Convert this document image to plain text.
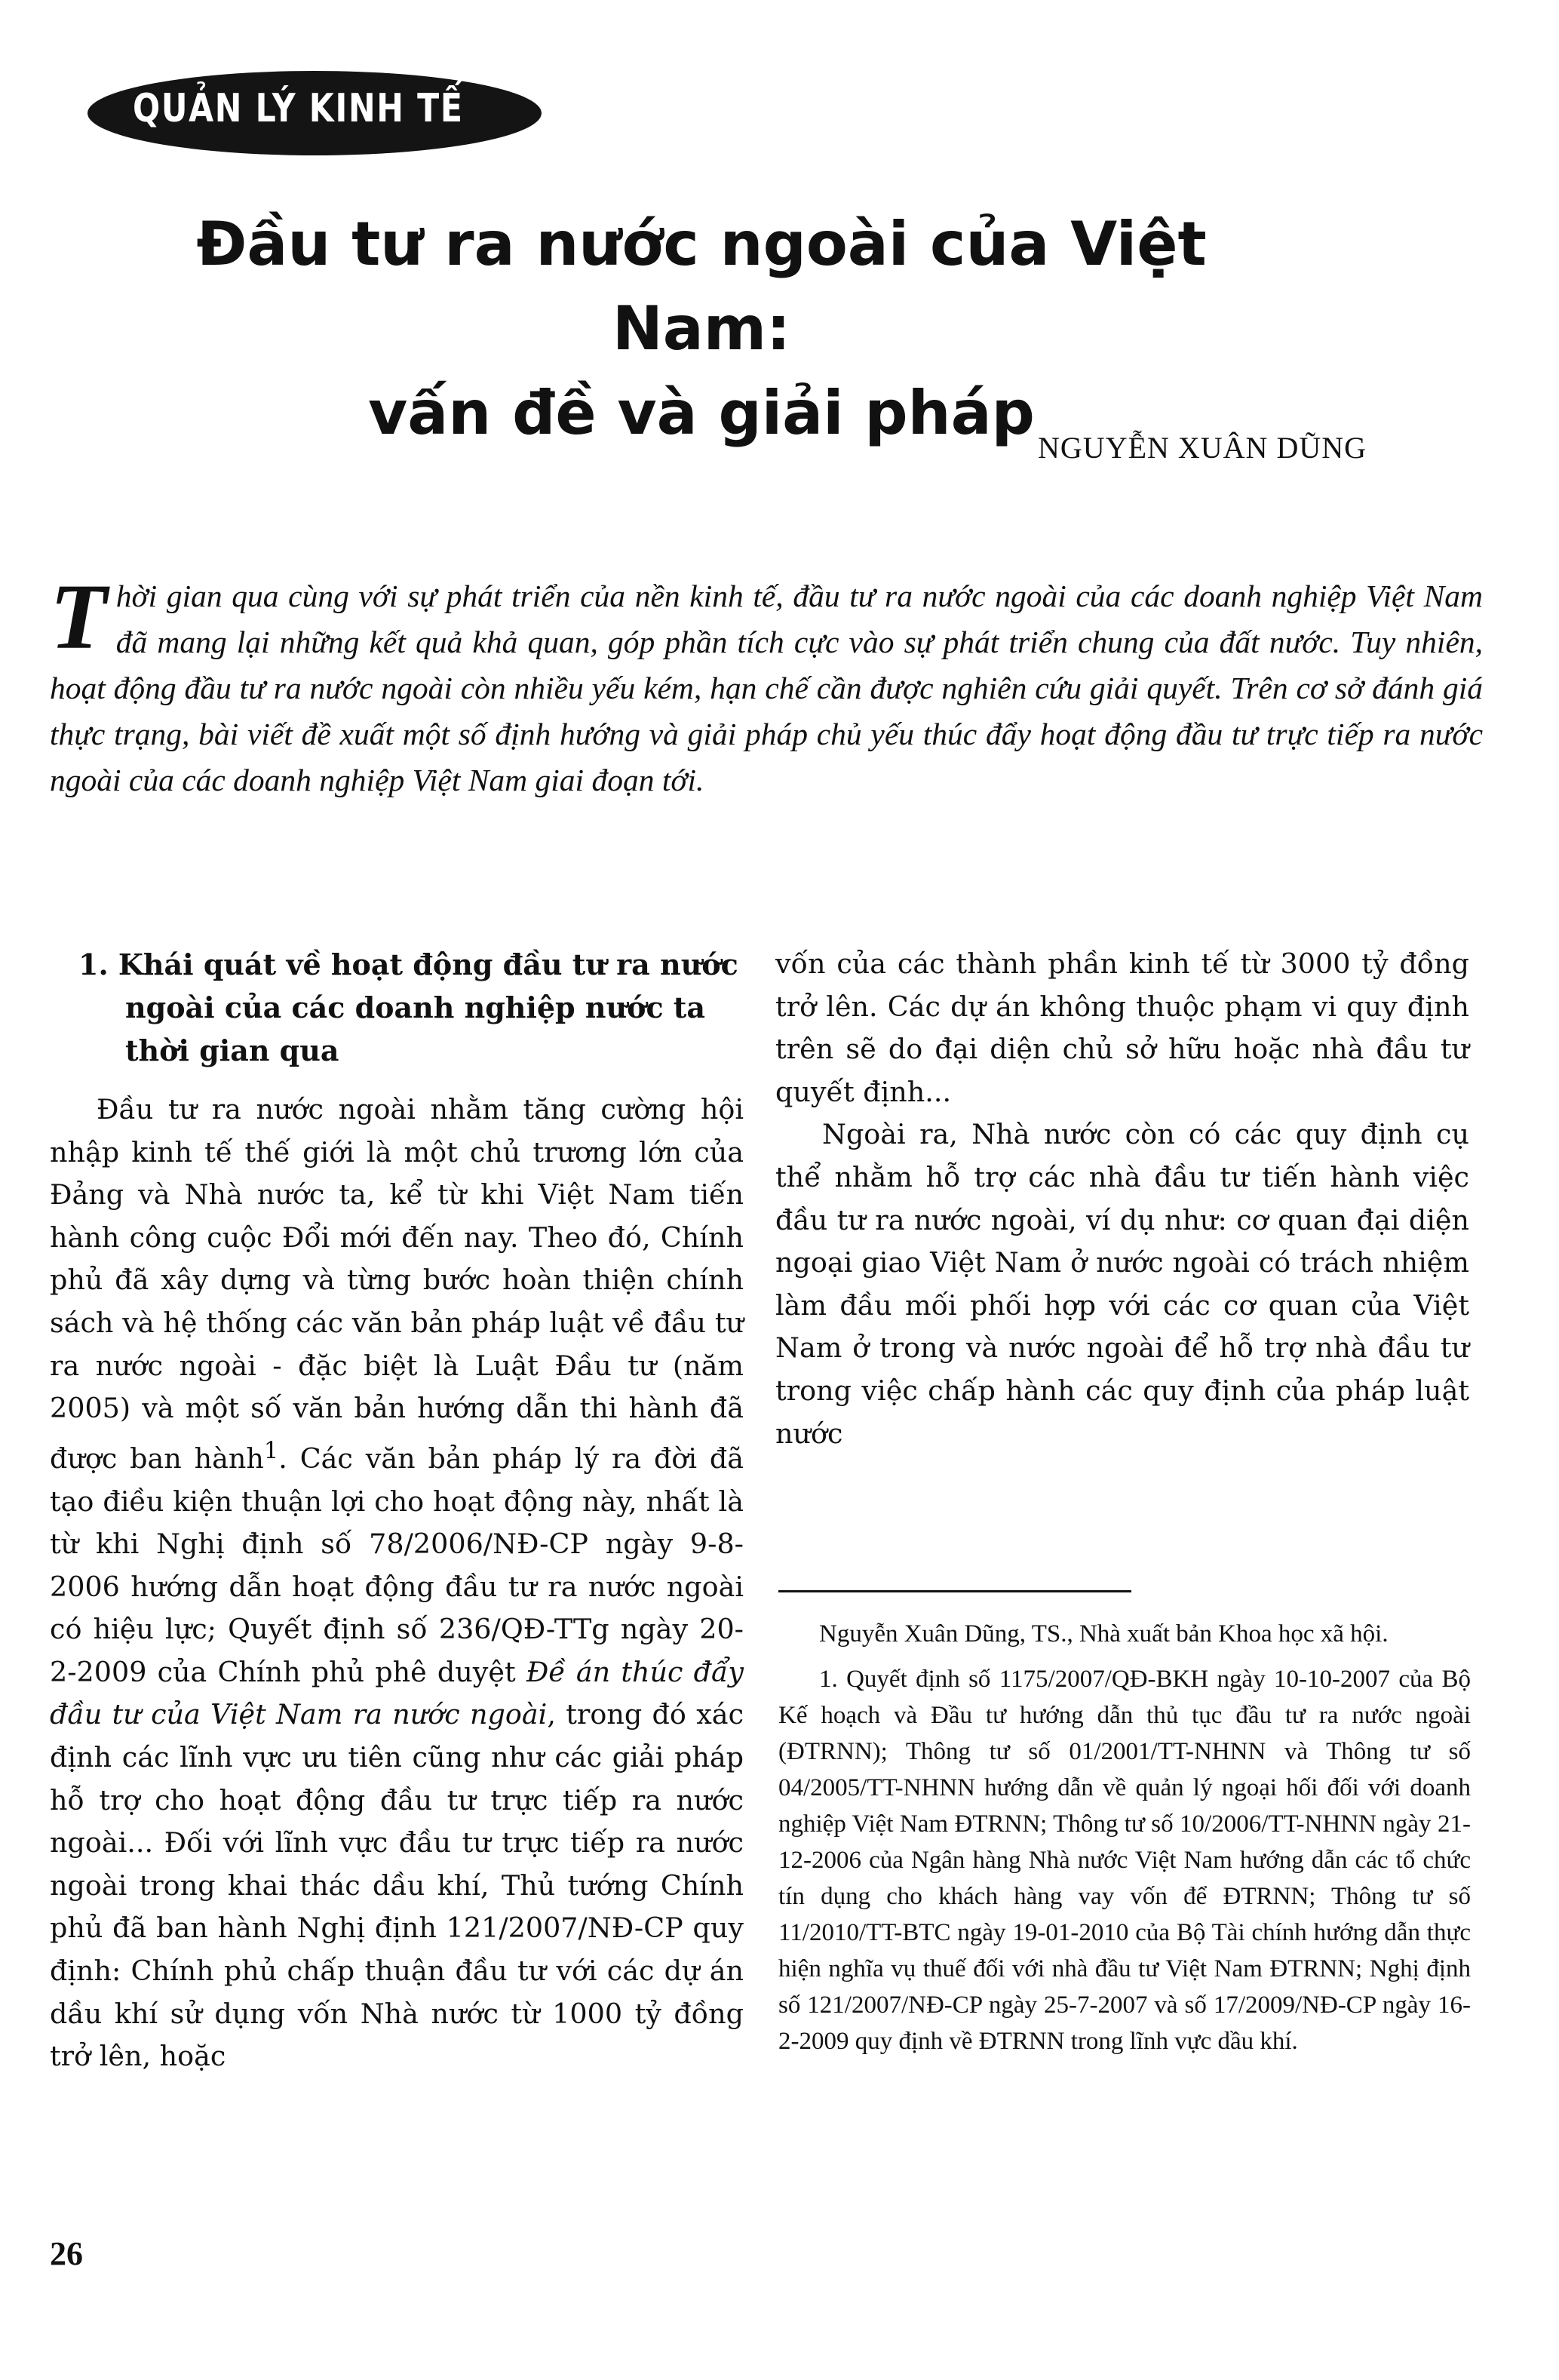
QUẢN LÝ KINH TẾ
Đầu tư ra nước ngoài của Việt Nam:
vấn đề và giải pháp NGUYỄN XUÂN DŨNG

Thời gian qua cùng với sự phát triển của nền kinh tế, đầu tư ra nước ngoài của các doanh nghiệp Việt Nam đã mang lại những kết quả khả quan, góp phần tích cực vào sự phát triển chung của đất nước. Tuy nhiên, hoạt động đầu tư ra nước ngoài còn nhiều yếu kém, hạn chế cần được nghiên cứu giải quyết. Trên cơ sở đánh giá thực trạng, bài viết đề xuất một số định hướng và giải pháp chủ yếu thúc đẩy hoạt động đầu tư trực tiếp ra nước ngoài của các doanh nghiệp Việt Nam giai đoạn tới.

1. Khái quát về hoạt động đầu tư ra nước ngoài của các doanh nghiệp nước ta thời gian qua

Đầu tư ra nước ngoài nhằm tăng cường hội nhập kinh tế thế giới là một chủ trương lớn của Đảng và Nhà nước ta, kể từ khi Việt Nam tiến hành công cuộc Đổi mới đến nay. Theo đó, Chính phủ đã xây dựng và từng bước hoàn thiện chính sách và hệ thống các văn bản pháp luật về đầu tư ra nước ngoài - đặc biệt là Luật Đầu tư (năm 2005) và một số văn bản hướng dẫn thi hành đã được ban hành$^1$. Các văn bản pháp lý ra đời đã tạo điều kiện thuận lợi cho hoạt động này, nhất là từ khi Nghị định số 78/2006/NĐ-CP ngày 9-8-2006 hướng dẫn hoạt động đầu tư ra nước ngoài có hiệu lực; Quyết định số 236/QĐ-TTg ngày 20-2-2009 của Chính phủ phê duyệt Đề án thúc đẩy đầu tư của Việt Nam ra nước ngoài, trong đó xác định các lĩnh vực ưu tiên cũng như các giải pháp hỗ trợ cho hoạt động đầu tư trực tiếp ra nước ngoài... Đối với lĩnh vực đầu tư trực tiếp ra nước ngoài trong khai thác dầu khí, Thủ tướng Chính phủ đã ban hành Nghị định 121/2007/NĐ-CP quy định: Chính phủ chấp thuận đầu tư với các dự án dầu khí sử dụng vốn Nhà nước từ 1000 tỷ đồng trở lên, hoặc

vốn của các thành phần kinh tế từ 3000 tỷ đồng trở lên. Các dự án không thuộc phạm vi quy định trên sẽ do đại diện chủ sở hữu hoặc nhà đầu tư quyết định...

Ngoài ra, Nhà nước còn có các quy định cụ thể nhằm hỗ trợ các nhà đầu tư tiến hành việc đầu tư ra nước ngoài, ví dụ như: cơ quan đại diện ngoại giao Việt Nam ở nước ngoài có trách nhiệm làm đầu mối phối hợp với các cơ quan của Việt Nam ở trong và nước ngoài để hỗ trợ nhà đầu tư trong việc chấp hành các quy định của pháp luật nước

Nguyễn Xuân Dũng, TS., Nhà xuất bản Khoa học xã hội.

1. Quyết định số 1175/2007/QĐ-BKH ngày 10-10-2007 của Bộ Kế hoạch và Đầu tư hướng dẫn thủ tục đầu tư ra nước ngoài (ĐTRNN); Thông tư số 01/2001/TT-NHNN và Thông tư số 04/2005/TT-NHNN hướng dẫn về quản lý ngoại hối đối với doanh nghiệp Việt Nam ĐTRNN; Thông tư số 10/2006/TT-NHNN ngày 21-12-2006 của Ngân hàng Nhà nước Việt Nam hướng dẫn các tổ chức tín dụng cho khách hàng vay vốn để ĐTRNN; Thông tư số 11/2010/TT-BTC ngày 19-01-2010 của Bộ Tài chính hướng dẫn thực hiện nghĩa vụ thuế đối với nhà đầu tư Việt Nam ĐTRNN; Nghị định số 121/2007/NĐ-CP ngày 25-7-2007 và số 17/2009/NĐ-CP ngày 16-2-2009 quy định về ĐTRNN trong lĩnh vực dầu khí.

26
